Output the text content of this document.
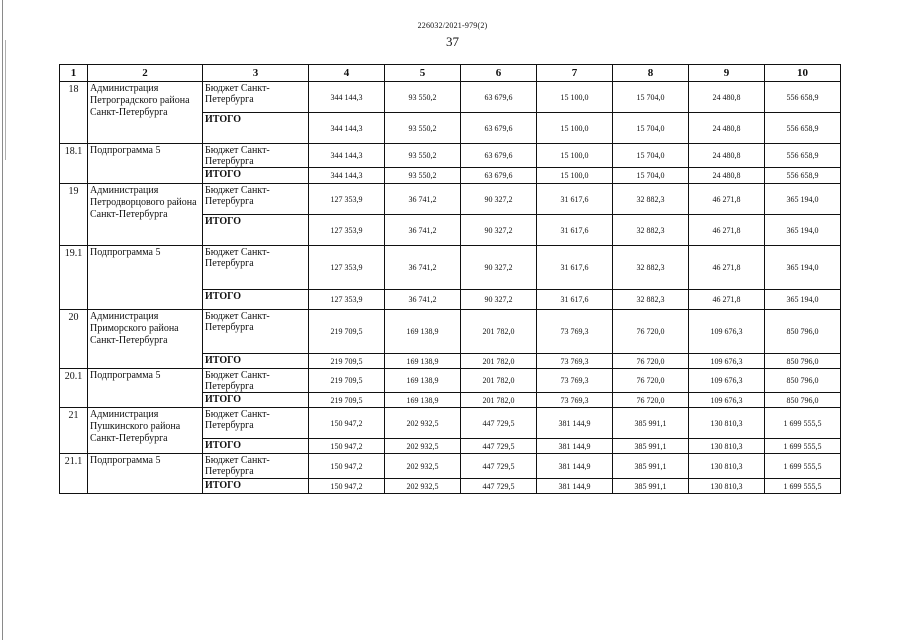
226032/2021-979(2)
37
1	2	3	4	5	6	7	8	9	10
18	Администрация Петроградского района Санкт-Петербурга	Бюджет Санкт-Петербурга	344 144,3	93 550,2	63 679,6	15 100,0	15 704,0	24 480,8	556 658,9
		ИТОГО	344 144,3	93 550,2	63 679,6	15 100,0	15 704,0	24 480,8	556 658,9
18.1	Подпрограмма 5	Бюджет Санкт-Петербурга	344 144,3	93 550,2	63 679,6	15 100,0	15 704,0	24 480,8	556 658,9
		ИТОГО	344 144,3	93 550,2	63 679,6	15 100,0	15 704,0	24 480,8	556 658,9
19	Администрация Петродворцового района Санкт-Петербурга	Бюджет Санкт-Петербурга	127 353,9	36 741,2	90 327,2	31 617,6	32 882,3	46 271,8	365 194,0
		ИТОГО	127 353,9	36 741,2	90 327,2	31 617,6	32 882,3	46 271,8	365 194,0
19.1	Подпрограмма 5	Бюджет Санкт-Петербурга	127 353,9	36 741,2	90 327,2	31 617,6	32 882,3	46 271,8	365 194,0
		ИТОГО	127 353,9	36 741,2	90 327,2	31 617,6	32 882,3	46 271,8	365 194,0
20	Администрация Приморского района Санкт-Петербурга	Бюджет Санкт-Петербурга	219 709,5	169 138,9	201 782,0	73 769,3	76 720,0	109 676,3	850 796,0
		ИТОГО	219 709,5	169 138,9	201 782,0	73 769,3	76 720,0	109 676,3	850 796,0
20.1	Подпрограмма 5	Бюджет Санкт-Петербурга	219 709,5	169 138,9	201 782,0	73 769,3	76 720,0	109 676,3	850 796,0
		ИТОГО	219 709,5	169 138,9	201 782,0	73 769,3	76 720,0	109 676,3	850 796,0
21	Администрация Пушкинского района Санкт-Петербурга	Бюджет Санкт-Петербурга	150 947,2	202 932,5	447 729,5	381 144,9	385 991,1	130 810,3	1 699 555,5
		ИТОГО	150 947,2	202 932,5	447 729,5	381 144,9	385 991,1	130 810,3	1 699 555,5
21.1	Подпрограмма 5	Бюджет Санкт-Петербурга	150 947,2	202 932,5	447 729,5	381 144,9	385 991,1	130 810,3	1 699 555,5
		ИТОГО	150 947,2	202 932,5	447 729,5	381 144,9	385 991,1	130 810,3	1 699 555,5
